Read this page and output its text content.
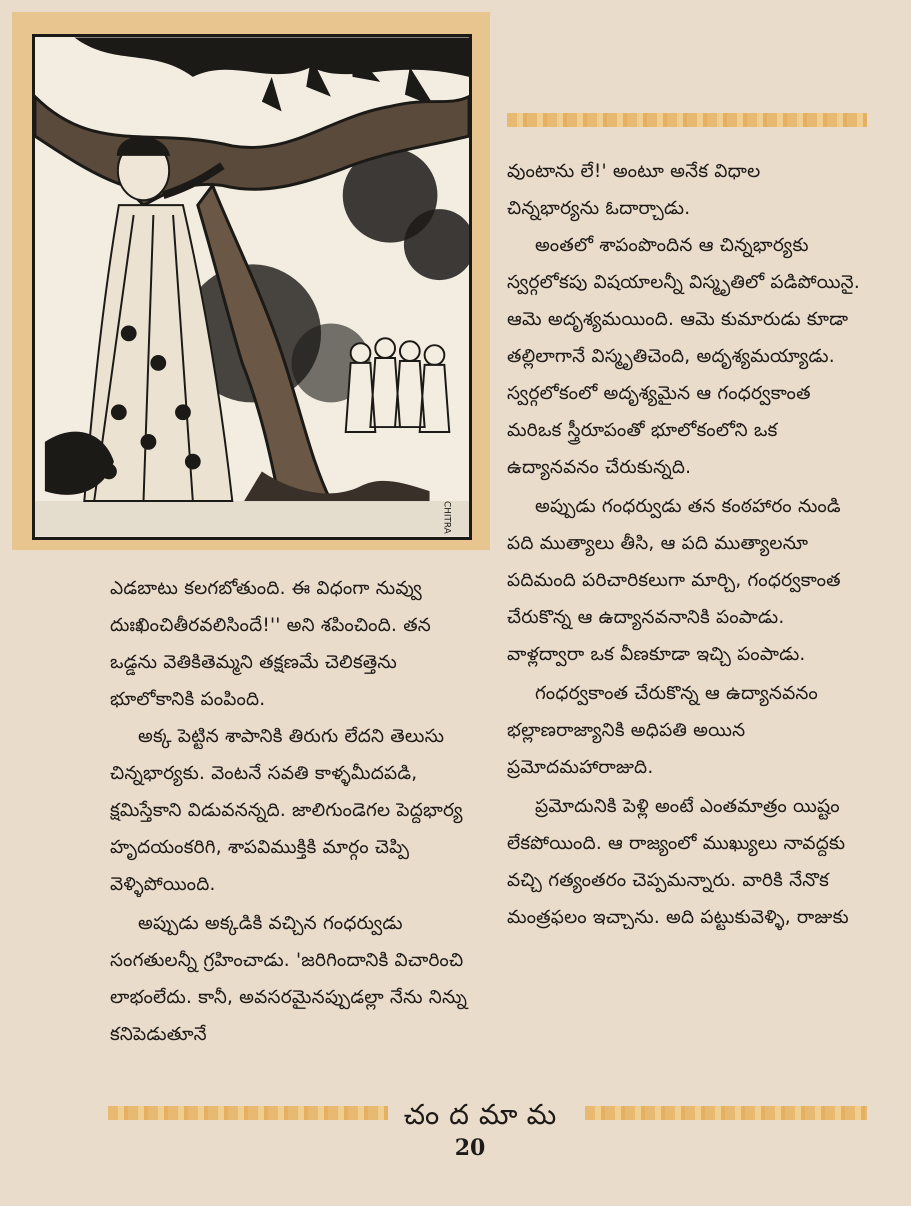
CHITRA

వుంటాను లే!' అంటూ అనేక విధాల

చిన్నభార్యను ఓదార్చాడు.

అంతలో శాపంపొందిన ఆ చిన్నభార్యకు స్వర్గలోకపు విషయాలన్నీ విస్మృతిలో పడిపోయినై. ఆమె అదృశ్యమయింది. ఆమె కుమారుడు కూడా తల్లిలాగానే విస్మృతిచెంది, అదృశ్యమయ్యాడు. స్వర్గలోకంలో అదృశ్యమైన ఆ గంధర్వకాంత మరిఒక స్త్రీరూపంతో భూలోకంలోని ఒక ఉద్యానవనం చేరుకున్నది.

అప్పుడు గంధర్వుడు తన కంఠహారం నుండి పది ముత్యాలు తీసి, ఆ పది ముత్యాలనూ పదిమంది పరిచారికలుగా మార్చి, గంధర్వకాంత చేరుకొన్న ఆ ఉద్యానవనానికి పంపాడు. వాళ్లద్వారా ఒక వీణకూడా ఇచ్చి పంపాడు.

గంధర్వకాంత చేరుకొన్న ఆ ఉద్యానవనం భల్లాణరాజ్యానికి అధిపతి అయిన ప్రమోదమహారాజుది.

ప్రమోదునికి పెళ్లి అంటే ఎంతమాత్రం యిష్టం లేకపోయింది. ఆ రాజ్యంలో ముఖ్యులు నావద్దకు వచ్చి గత్యంతరం చెప్పమన్నారు. వారికి నేనొక మంత్రఫలం ఇచ్చాను. అది పట్టుకువెళ్ళి, రాజుకు

ఎడబాటు కలగబోతుంది. ఈ విధంగా నువ్వు దుఃఖించితీరవలిసిందే!'' అని శపించింది. తన ఒడ్డను వెతికితెమ్మని తక్షణమే చెలికత్తెను భూలోకానికి పంపింది.

అక్క పెట్టిన శాపానికి తిరుగు లేదని తెలుసు చిన్నభార్యకు. వెంటనే సవతి కాళ్ళమీదపడి, క్షమిస్తేకాని విడువనన్నది. జాలిగుండెగల పెద్దభార్య హృదయంకరిగి, శాపవిముక్తికి మార్గం చెప్పి వెళ్ళిపోయింది.

అప్పుడు అక్కడికి వచ్చిన గంధర్వుడు సంగతులన్నీ గ్రహించాడు. 'జరిగిందానికి విచారించి లాభంలేదు. కానీ, అవసరమైనప్పుడల్లా నేను నిన్ను కనిపెడుతూనే

చందమామ
20
